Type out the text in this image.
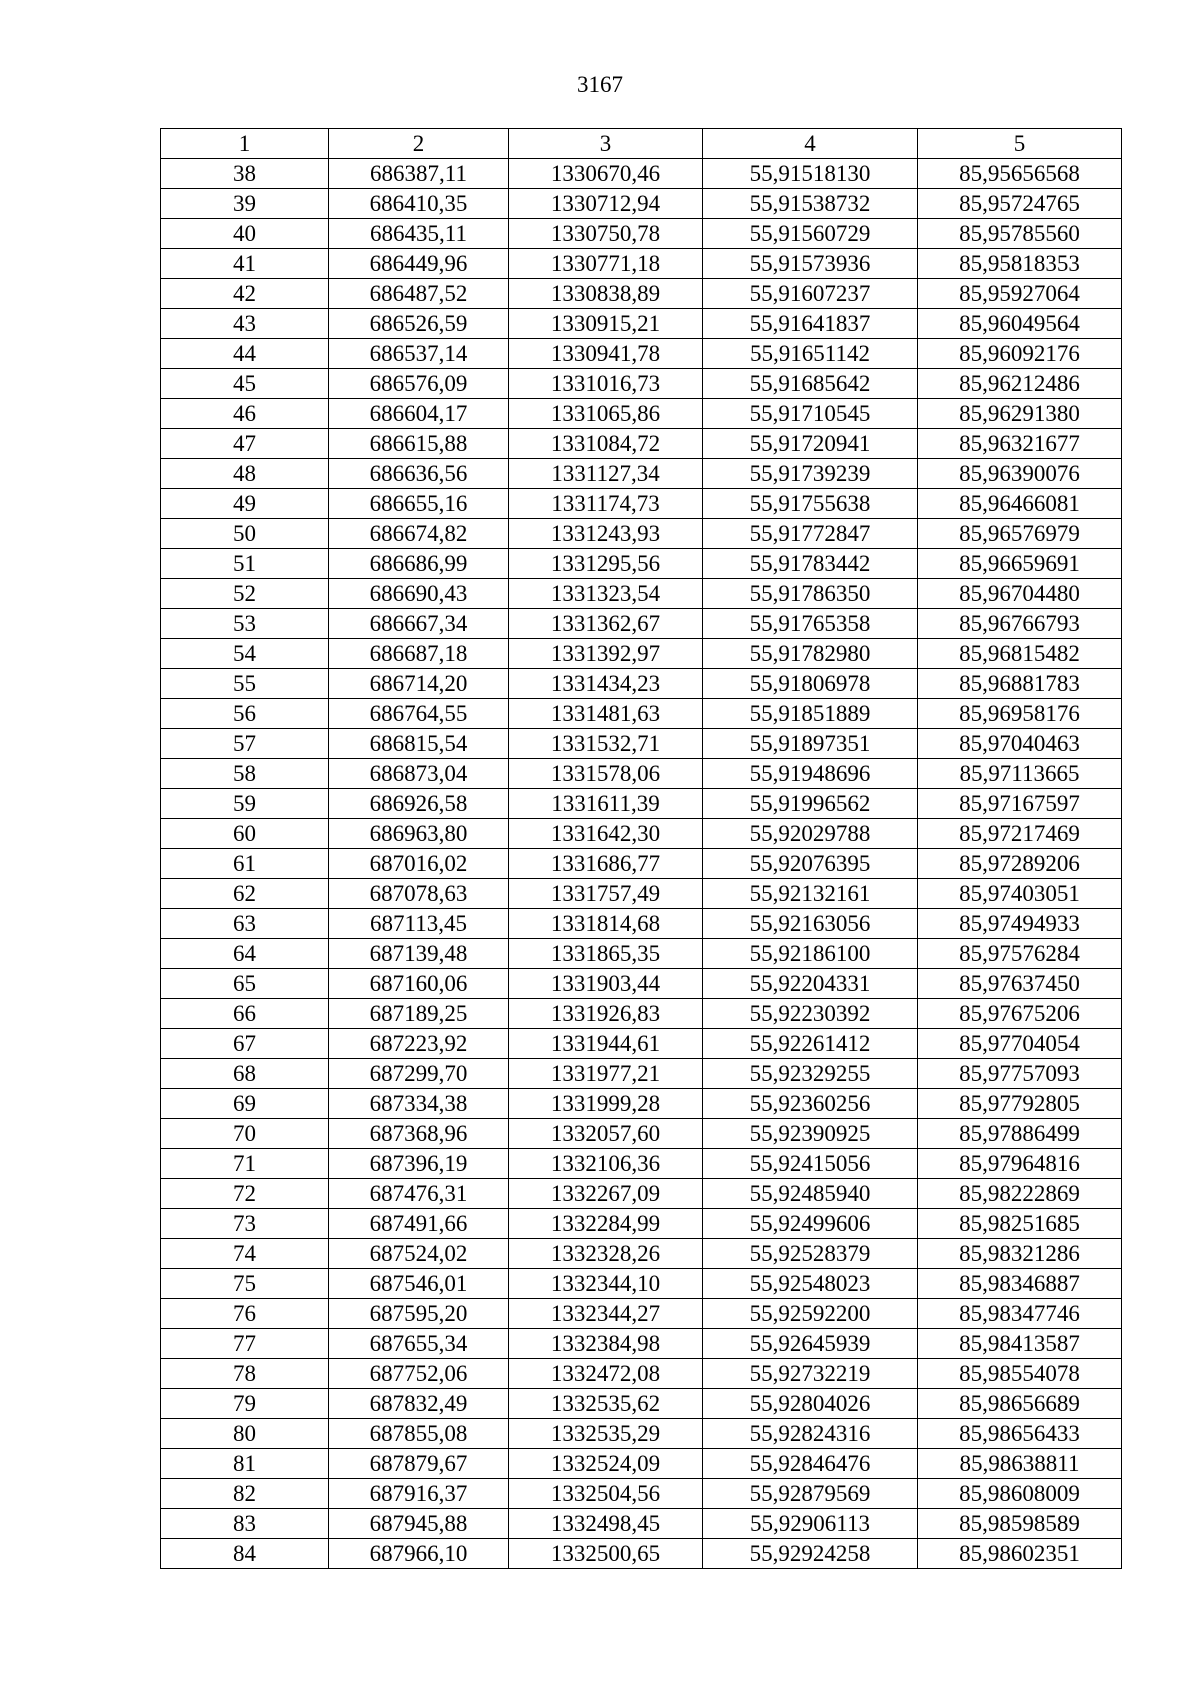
3167
1	2	3	4	5
38	686387,11	1330670,46	55,91518130	85,95656568
39	686410,35	1330712,94	55,91538732	85,95724765
40	686435,11	1330750,78	55,91560729	85,95785560
41	686449,96	1330771,18	55,91573936	85,95818353
42	686487,52	1330838,89	55,91607237	85,95927064
43	686526,59	1330915,21	55,91641837	85,96049564
44	686537,14	1330941,78	55,91651142	85,96092176
45	686576,09	1331016,73	55,91685642	85,96212486
46	686604,17	1331065,86	55,91710545	85,96291380
47	686615,88	1331084,72	55,91720941	85,96321677
48	686636,56	1331127,34	55,91739239	85,96390076
49	686655,16	1331174,73	55,91755638	85,96466081
50	686674,82	1331243,93	55,91772847	85,96576979
51	686686,99	1331295,56	55,91783442	85,96659691
52	686690,43	1331323,54	55,91786350	85,96704480
53	686667,34	1331362,67	55,91765358	85,96766793
54	686687,18	1331392,97	55,91782980	85,96815482
55	686714,20	1331434,23	55,91806978	85,96881783
56	686764,55	1331481,63	55,91851889	85,96958176
57	686815,54	1331532,71	55,91897351	85,97040463
58	686873,04	1331578,06	55,91948696	85,97113665
59	686926,58	1331611,39	55,91996562	85,97167597
60	686963,80	1331642,30	55,92029788	85,97217469
61	687016,02	1331686,77	55,92076395	85,97289206
62	687078,63	1331757,49	55,92132161	85,97403051
63	687113,45	1331814,68	55,92163056	85,97494933
64	687139,48	1331865,35	55,92186100	85,97576284
65	687160,06	1331903,44	55,92204331	85,97637450
66	687189,25	1331926,83	55,92230392	85,97675206
67	687223,92	1331944,61	55,92261412	85,97704054
68	687299,70	1331977,21	55,92329255	85,97757093
69	687334,38	1331999,28	55,92360256	85,97792805
70	687368,96	1332057,60	55,92390925	85,97886499
71	687396,19	1332106,36	55,92415056	85,97964816
72	687476,31	1332267,09	55,92485940	85,98222869
73	687491,66	1332284,99	55,92499606	85,98251685
74	687524,02	1332328,26	55,92528379	85,98321286
75	687546,01	1332344,10	55,92548023	85,98346887
76	687595,20	1332344,27	55,92592200	85,98347746
77	687655,34	1332384,98	55,92645939	85,98413587
78	687752,06	1332472,08	55,92732219	85,98554078
79	687832,49	1332535,62	55,92804026	85,98656689
80	687855,08	1332535,29	55,92824316	85,98656433
81	687879,67	1332524,09	55,92846476	85,98638811
82	687916,37	1332504,56	55,92879569	85,98608009
83	687945,88	1332498,45	55,92906113	85,98598589
84	687966,10	1332500,65	55,92924258	85,98602351
